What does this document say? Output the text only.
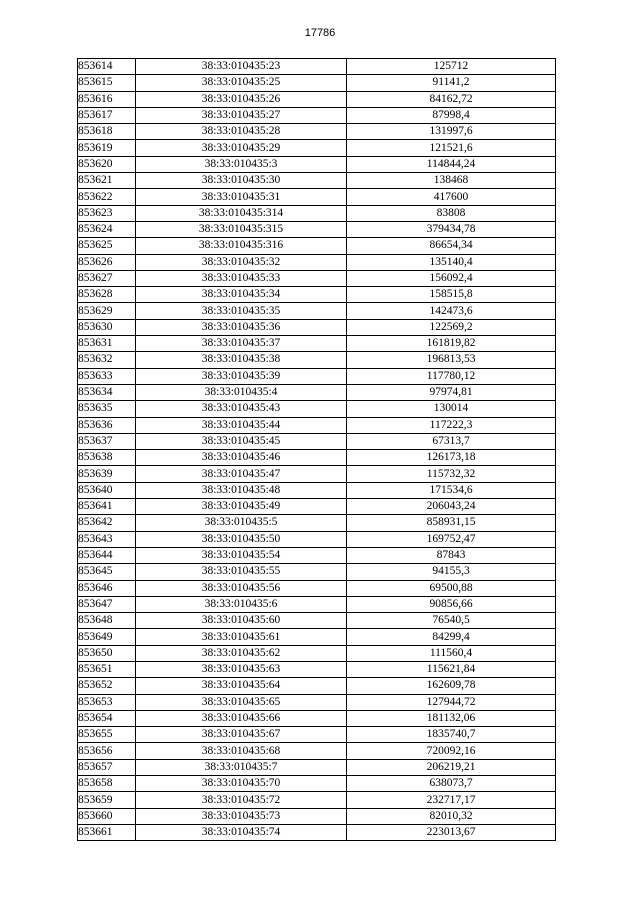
17786
853614	38:33:010435:23	125712
853615	38:33:010435:25	91141,2
853616	38:33:010435:26	84162,72
853617	38:33:010435:27	87998,4
853618	38:33:010435:28	131997,6
853619	38:33:010435:29	121521,6
853620	38:33:010435:3	114844,24
853621	38:33:010435:30	138468
853622	38:33:010435:31	417600
853623	38:33:010435:314	83808
853624	38:33:010435:315	379434,78
853625	38:33:010435:316	86654,34
853626	38:33:010435:32	135140,4
853627	38:33:010435:33	156092,4
853628	38:33:010435:34	158515,8
853629	38:33:010435:35	142473,6
853630	38:33:010435:36	122569,2
853631	38:33:010435:37	161819,82
853632	38:33:010435:38	196813,53
853633	38:33:010435:39	117780,12
853634	38:33:010435:4	97974,81
853635	38:33:010435:43	130014
853636	38:33:010435:44	117222,3
853637	38:33:010435:45	67313,7
853638	38:33:010435:46	126173,18
853639	38:33:010435:47	115732,32
853640	38:33:010435:48	171534,6
853641	38:33:010435:49	206043,24
853642	38:33:010435:5	858931,15
853643	38:33:010435:50	169752,47
853644	38:33:010435:54	87843
853645	38:33:010435:55	94155,3
853646	38:33:010435:56	69500,88
853647	38:33:010435:6	90856,66
853648	38:33:010435:60	76540,5
853649	38:33:010435:61	84299,4
853650	38:33:010435:62	111560,4
853651	38:33:010435:63	115621,84
853652	38:33:010435:64	162609,78
853653	38:33:010435:65	127944,72
853654	38:33:010435:66	181132,06
853655	38:33:010435:67	1835740,7
853656	38:33:010435:68	720092,16
853657	38:33:010435:7	206219,21
853658	38:33:010435:70	638073,7
853659	38:33:010435:72	232717,17
853660	38:33:010435:73	82010,32
853661	38:33:010435:74	223013,67
